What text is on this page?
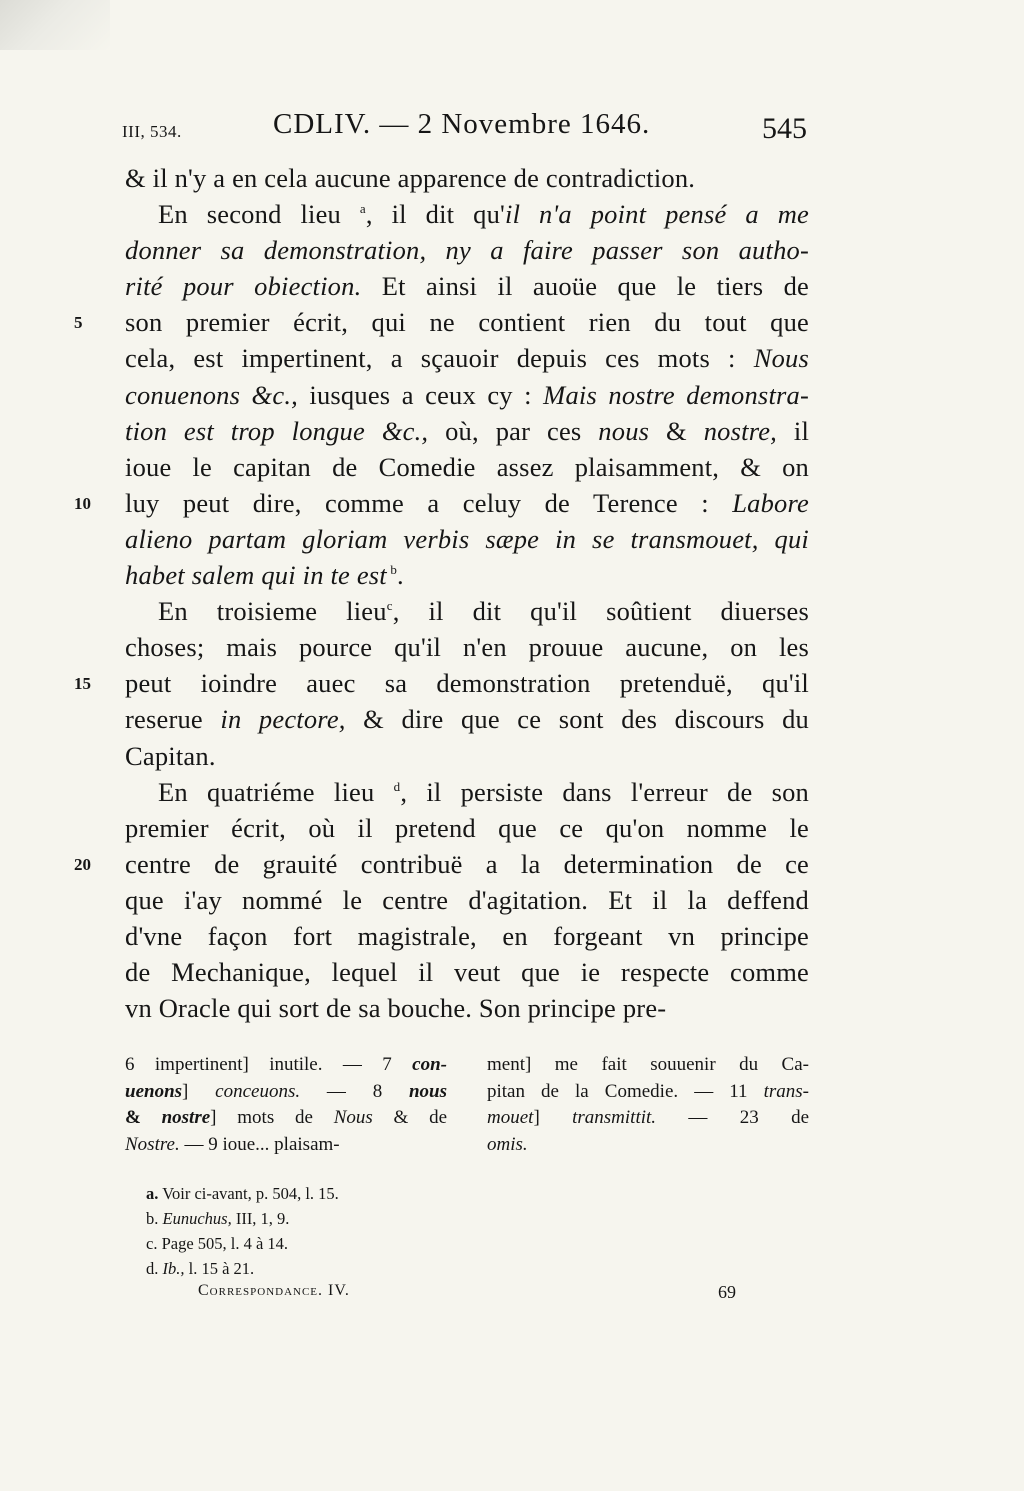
III, 534.	CDLIV. — 2 Novembre 1646.	545
& il n'y a en cela aucune apparence de contradiction.
En second lieu $^a$, il dit qu'il n'a point pensé a me
donner sa demonstration, ny a faire passer son autho-
rité pour obiection. Et ainsi il auoüe que le tiers de
son premier écrit, qui ne contient rien du tout que
cela, est impertinent, a sçauoir depuis ces mots : Nous
conuenons &c., iusques a ceux cy : Mais nostre demonstra-
tion est trop longue &c., où, par ces nous & nostre, il
ioue le capitan de Comedie assez plaisamment, & on
luy peut dire, comme a celuy de Terence : Labore
alieno partam gloriam verbis sæpe in se transmouet, qui
habet salem qui in te est $^b$.
En troisieme lieu$^c$, il dit qu'il soûtient diuerses
choses; mais pource qu'il n'en prouue aucune, on les
peut ioindre auec sa demonstration pretenduë, qu'il
reserue in pectore, & dire que ce sont des discours du
Capitan.
En quatriéme lieu $^d$, il persiste dans l'erreur de son
premier écrit, où il pretend que ce qu'on nomme le
centre de grauité contribuë a la determination de ce
que i'ay nommé le centre d'agitation. Et il la deffend
d'vne façon fort magistrale, en forgeant vn principe
de Mechanique, lequel il veut que ie respecte comme
vn Oracle qui sort de sa bouche. Son principe pre-
5
10
15
20
6 impertinent] inutile. — 7 con-
uenons] conceuons. — 8 nous
& nostre] mots de Nous & de
Nostre. — 9 ioue... plaisam-
ment] me fait souuenir du Ca-
pitan de la Comedie. — 11 trans-
mouet] transmittit. — 23 de
omis.
a. Voir ci-avant, p. 504, l. 15.
b. Eunuchus, III, 1, 9.
c. Page 505, l. 4 à 14.
d. Ib., l. 15 à 21.
Correspondance. IV.	69
